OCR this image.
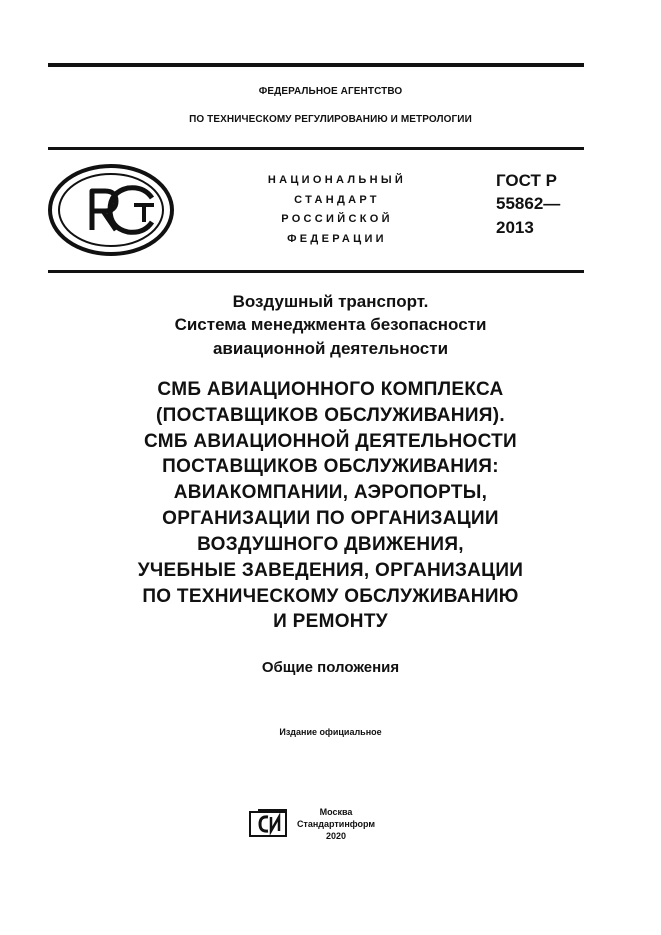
ФЕДЕРАЛЬНОЕ АГЕНТСТВО
ПО ТЕХНИЧЕСКОМУ РЕГУЛИРОВАНИЮ И МЕТРОЛОГИИ
НАЦИОНАЛЬНЫЙ
СТАНДАРТ
РОССИЙСКОЙ
ФЕДЕРАЦИИ
ГОСТ Р
55862—
2013
Воздушный транспорт.
Система менеджмента безопасности
авиационной деятельности
СМБ АВИАЦИОННОГО КОМПЛЕКСА
(ПОСТАВЩИКОВ ОБСЛУЖИВАНИЯ).
СМБ АВИАЦИОННОЙ ДЕЯТЕЛЬНОСТИ
ПОСТАВЩИКОВ ОБСЛУЖИВАНИЯ:
АВИАКОМПАНИИ, АЭРОПОРТЫ,
ОРГАНИЗАЦИИ ПО ОРГАНИЗАЦИИ
ВОЗДУШНОГО ДВИЖЕНИЯ,
УЧЕБНЫЕ ЗАВЕДЕНИЯ, ОРГАНИЗАЦИИ
ПО ТЕХНИЧЕСКОМУ ОБСЛУЖИВАНИЮ
И РЕМОНТУ
Общие положения
Издание официальное
Москва
Стандартинформ
2020
